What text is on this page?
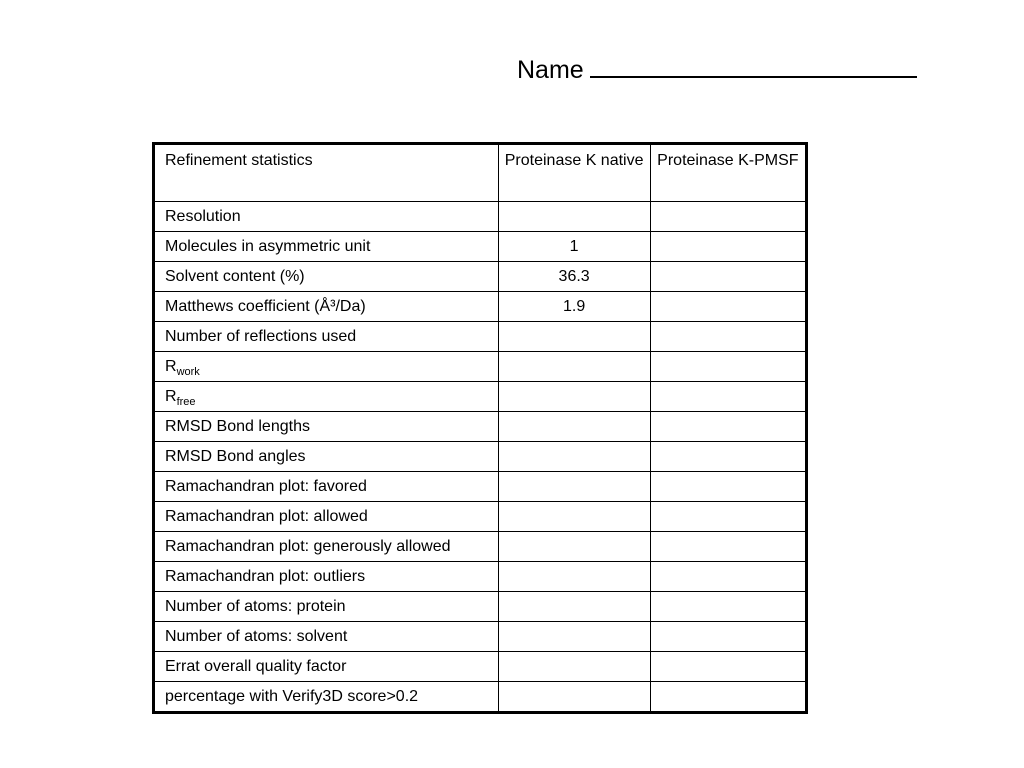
Name
Refinement statistics	Proteinase K native	Proteinase K-PMSF
Resolution		
Molecules in asymmetric unit	1	
Solvent content (%)	36.3	
Matthews coefficient (Å³/Da)	1.9	
Number of reflections used		
$R_{work}$		
$R_{free}$		
RMSD Bond lengths		
RMSD Bond angles		
Ramachandran plot: favored		
Ramachandran plot: allowed		
Ramachandran plot: generously allowed		
Ramachandran plot: outliers		
Number of atoms: protein		
Number of atoms: solvent		
Errat overall quality factor		
percentage with Verify3D score>0.2		
